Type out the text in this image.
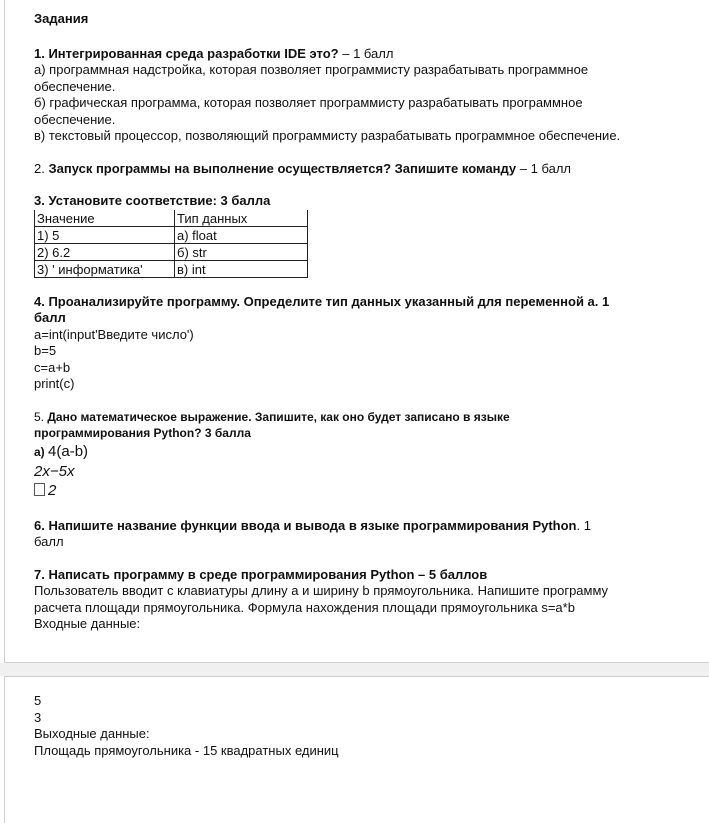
Задания
1. Интегрированная среда разработки IDE это? – 1 балл
а) программная надстройка, которая позволяет программисту разрабатывать программное
обеспечение.
б) графическая программа, которая позволяет программисту разрабатывать программное
обеспечение.
в) текстовый процессор, позволяющий программисту разрабатывать программное обеспечение.
2. Запуск программы на выполнение осуществляется? Запишите команду – 1 балл
3. Установите соответствие: 3 балла
Значение	Тип данных
1) 5	а) float
2) 6.2	б) str
3) ' информатика'	в) int
4. Проанализируйте программу. Определите тип данных указанный для переменной а. 1
балл
a=int(input'Введите число')
b=5
c=a+b
print(c)
5. Дано математическое выражение. Запишите, как оно будет записано в языке
программирования Python? 3 балла
а) 4(a-b)
2x−5x
2
6. Напишите название функции ввода и вывода в языке программирования Python. 1
балл
7. Написать программу в среде программирования Python – 5 баллов
Пользователь вводит с клавиатуры длину a и ширину b прямоугольника. Напишите программу
расчета площади прямоугольника. Формула нахождения площади прямоугольника s=a*b
Входные данные:
5
3
Выходные данные:
Площадь прямоугольника - 15 квадратных единиц
